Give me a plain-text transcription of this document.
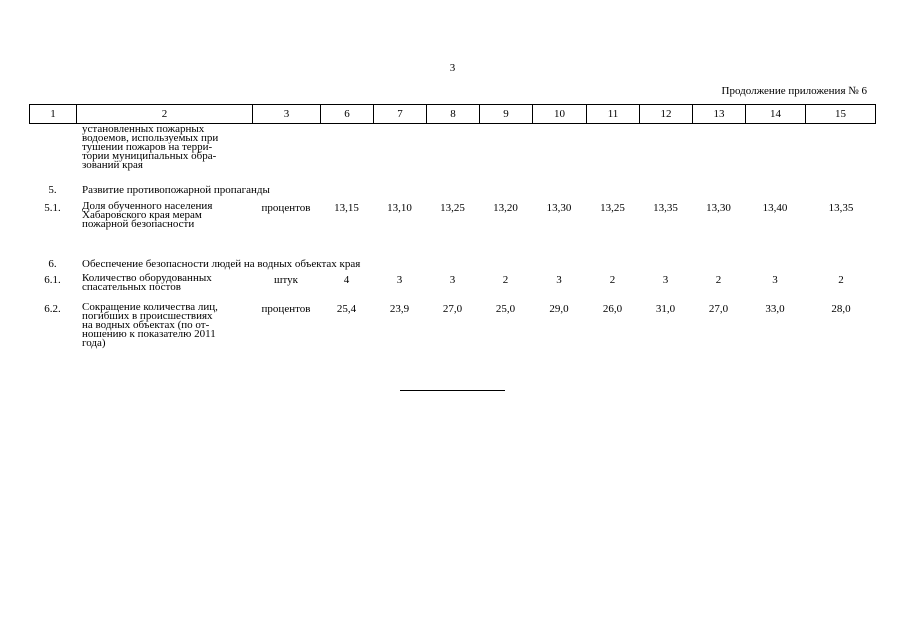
3
Продолжение приложения № 6
1	2	3	6	7	8	9	10	11	12	13	14	15
установленных пожарных
водоемов, используемых при
тушении пожаров на терри-
тории муниципальных обра-
зований края
5.	Развитие противопожарной пропаганды
5.1.	Доля обученного населения
Хабаровского края мерам
пожарной безопасности
процентов	13,15	13,10	13,25	13,20	13,30	13,25	13,35	13,30	13,40	13,35
6.	Обеспечение безопасности людей на водных объектах края
6.1.	Количество оборудованных
спасательных постов
штук	4	3	3	2	3	2	3	2	3	2
6.2.	Сокращение количества лиц,
погибших в происшествиях
на водных объектах (по от-
ношению к показателю 2011
года)
процентов	25,4	23,9	27,0	25,0	29,0	26,0	31,0	27,0	33,0	28,0
